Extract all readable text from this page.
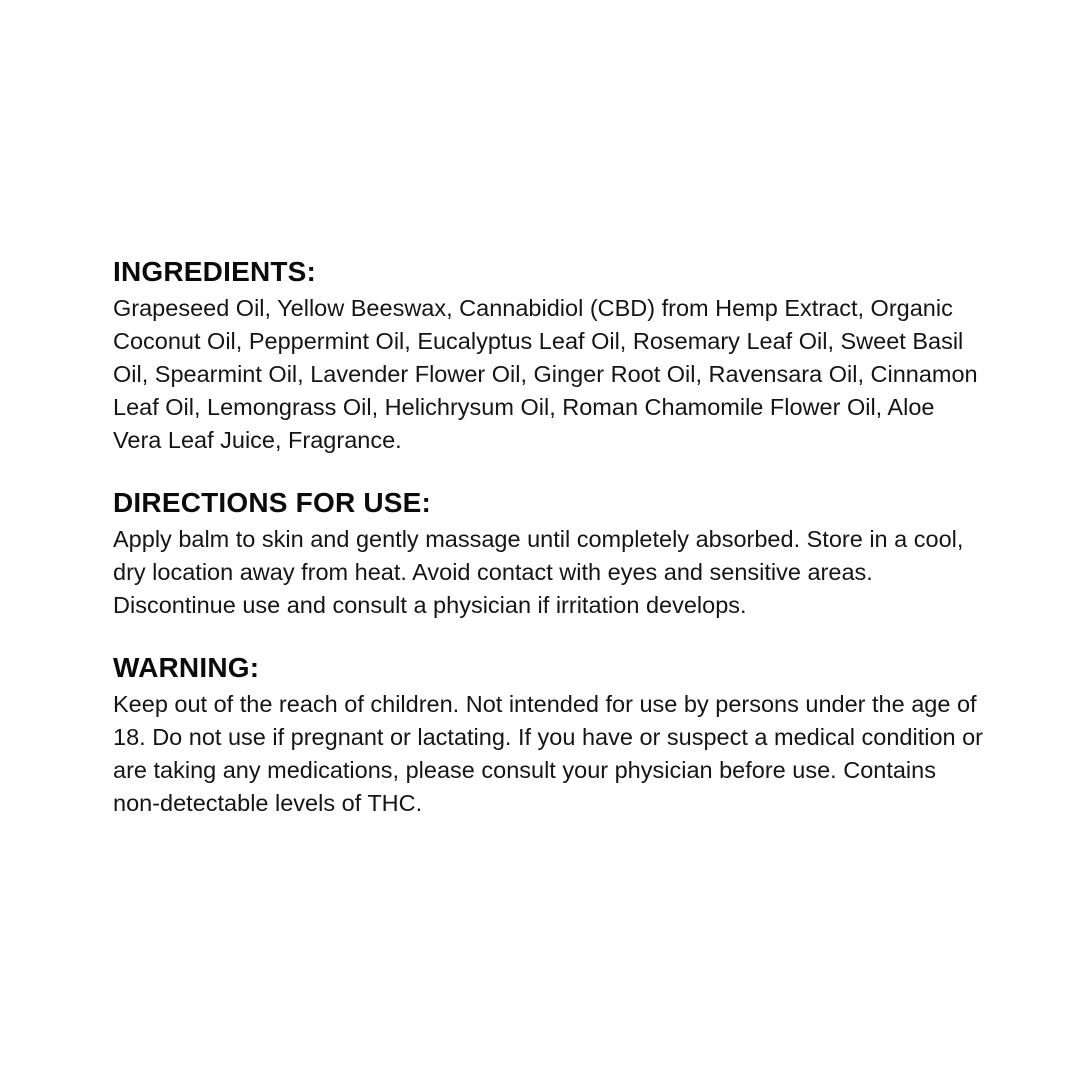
INGREDIENTS:

Grapeseed Oil, Yellow Beeswax, Cannabidiol (CBD) from Hemp Extract, Organic Coconut Oil, Peppermint Oil, Eucalyptus Leaf Oil, Rosemary Leaf Oil, Sweet Basil Oil, Spearmint Oil, Lavender Flower Oil, Ginger Root Oil, Ravensara Oil, Cinnamon Leaf Oil, Lemongrass Oil, Helichrysum Oil, Roman Chamomile Flower Oil, Aloe Vera Leaf Juice, Fragrance.

DIRECTIONS FOR USE:

Apply balm to skin and gently massage until completely absorbed. Store in a cool, dry location away from heat. Avoid contact with eyes and sensitive areas. Discontinue use and consult a physician if irritation develops.

WARNING:

Keep out of the reach of children. Not intended for use by persons under the age of 18. Do not use if pregnant or lactating. If you have or suspect a medical condition or are taking any medications, please consult your physician before use. Contains non-detectable levels of THC.
